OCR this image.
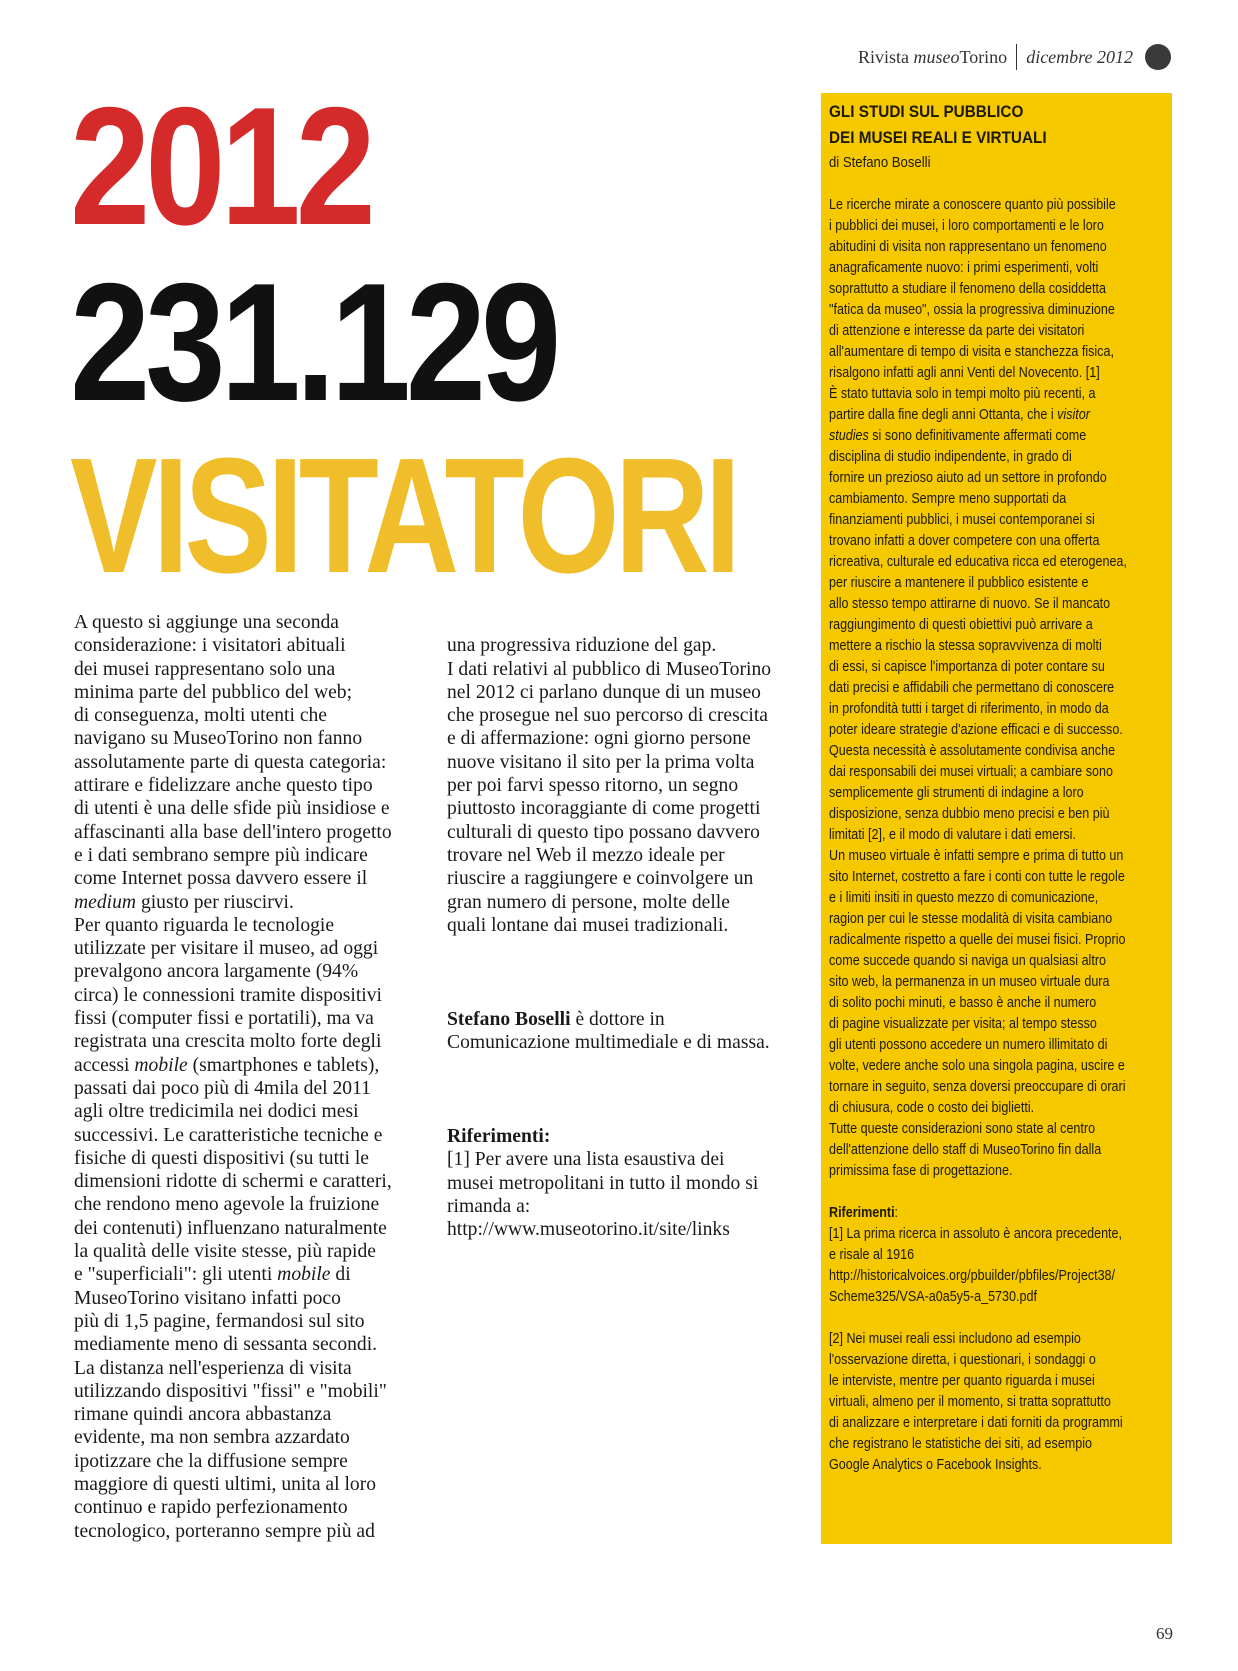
Rivista museoTorino dicembre 2012
2012
231.129
VISITATORI
A questo si aggiunge una seconda
considerazione: i visitatori abituali
dei musei rappresentano solo una
minima parte del pubblico del web;
di conseguenza, molti utenti che
navigano su MuseoTorino non fanno
assolutamente parte di questa categoria:
attirare e fidelizzare anche questo tipo
di utenti è una delle sfide più insidiose e
affascinanti alla base dell'intero progetto
e i dati sembrano sempre più indicare
come Internet possa davvero essere il
medium giusto per riuscirvi.
Per quanto riguarda le tecnologie
utilizzate per visitare il museo, ad oggi
prevalgono ancora largamente (94%
circa) le connessioni tramite dispositivi
fissi (computer fissi e portatili), ma va
registrata una crescita molto forte degli
accessi mobile (smartphones e tablets),
passati dai poco più di 4mila del 2011
agli oltre tredicimila nei dodici mesi
successivi. Le caratteristiche tecniche e
fisiche di questi dispositivi (su tutti le
dimensioni ridotte di schermi e caratteri,
che rendono meno agevole la fruizione
dei contenuti) influenzano naturalmente
la qualità delle visite stesse, più rapide
e "superficiali": gli utenti mobile di
MuseoTorino visitano infatti poco
più di 1,5 pagine, fermandosi sul sito
mediamente meno di sessanta secondi.
La distanza nell'esperienza di visita
utilizzando dispositivi "fissi" e "mobili"
rimane quindi ancora abbastanza
evidente, ma non sembra azzardato
ipotizzare che la diffusione sempre
maggiore di questi ultimi, unita al loro
continuo e rapido perfezionamento
tecnologico, porteranno sempre più ad

una progressiva riduzione del gap.
I dati relativi al pubblico di MuseoTorino
nel 2012 ci parlano dunque di un museo
che prosegue nel suo percorso di crescita
e di affermazione: ogni giorno persone
nuove visitano il sito per la prima volta
per poi farvi spesso ritorno, un segno
piuttosto incoraggiante di come progetti
culturali di questo tipo possano davvero
trovare nel Web il mezzo ideale per
riuscire a raggiungere e coinvolgere un
gran numero di persone, molte delle
quali lontane dai musei tradizionali.

Stefano Boselli è dottore in
Comunicazione multimediale e di massa.

Riferimenti:
[1] Per avere una lista esaustiva dei
musei metropolitani in tutto il mondo si
rimanda a:
http://www.museotorino.it/site/links

GLI STUDI SUL PUBBLICO
DEI MUSEI REALI E VIRTUALI
di Stefano Boselli
Le ricerche mirate a conoscere quanto più possibile
i pubblici dei musei, i loro comportamenti e le loro
abitudini di visita non rappresentano un fenomeno
anagraficamente nuovo: i primi esperimenti, volti
soprattutto a studiare il fenomeno della cosiddetta
"fatica da museo", ossia la progressiva diminuzione
di attenzione e interesse da parte dei visitatori
all'aumentare di tempo di visita e stanchezza fisica,
risalgono infatti agli anni Venti del Novecento. [1]
È stato tuttavia solo in tempi molto più recenti, a
partire dalla fine degli anni Ottanta, che i visitor
studies si sono definitivamente affermati come
disciplina di studio indipendente, in grado di
fornire un prezioso aiuto ad un settore in profondo
cambiamento. Sempre meno supportati da
finanziamenti pubblici, i musei contemporanei si
trovano infatti a dover competere con una offerta
ricreativa, culturale ed educativa ricca ed eterogenea,
per riuscire a mantenere il pubblico esistente e
allo stesso tempo attirarne di nuovo. Se il mancato
raggiungimento di questi obiettivi può arrivare a
mettere a rischio la stessa sopravvivenza di molti
di essi, si capisce l'importanza di poter contare su
dati precisi e affidabili che permettano di conoscere
in profondità tutti i target di riferimento, in modo da
poter ideare strategie d'azione efficaci e di successo.
Questa necessità è assolutamente condivisa anche
dai responsabili dei musei virtuali; a cambiare sono
semplicemente gli strumenti di indagine a loro
disposizione, senza dubbio meno precisi e ben più
limitati [2], e il modo di valutare i dati emersi.
Un museo virtuale è infatti sempre e prima di tutto un
sito Internet, costretto a fare i conti con tutte le regole
e i limiti insiti in questo mezzo di comunicazione,
ragion per cui le stesse modalità di visita cambiano
radicalmente rispetto a quelle dei musei fisici. Proprio
come succede quando si naviga un qualsiasi altro
sito web, la permanenza in un museo virtuale dura
di solito pochi minuti, e basso è anche il numero
di pagine visualizzate per visita; al tempo stesso
gli utenti possono accedere un numero illimitato di
volte, vedere anche solo una singola pagina, uscire e
tornare in seguito, senza doversi preoccupare di orari
di chiusura, code o costo dei biglietti.
Tutte queste considerazioni sono state al centro
dell'attenzione dello staff di MuseoTorino fin dalla
primissima fase di progettazione.

Riferimenti:
[1] La prima ricerca in assoluto è ancora precedente,
e risale al 1916
http://historicalvoices.org/pbuilder/pbfiles/Project38/
Scheme325/VSA-a0a5y5-a_5730.pdf

[2] Nei musei reali essi includono ad esempio
l'osservazione diretta, i questionari, i sondaggi o
le interviste, mentre per quanto riguarda i musei
virtuali, almeno per il momento, si tratta soprattutto
di analizzare e interpretare i dati forniti da programmi
che registrano le statistiche dei siti, ad esempio
Google Analytics o Facebook Insights.
69
